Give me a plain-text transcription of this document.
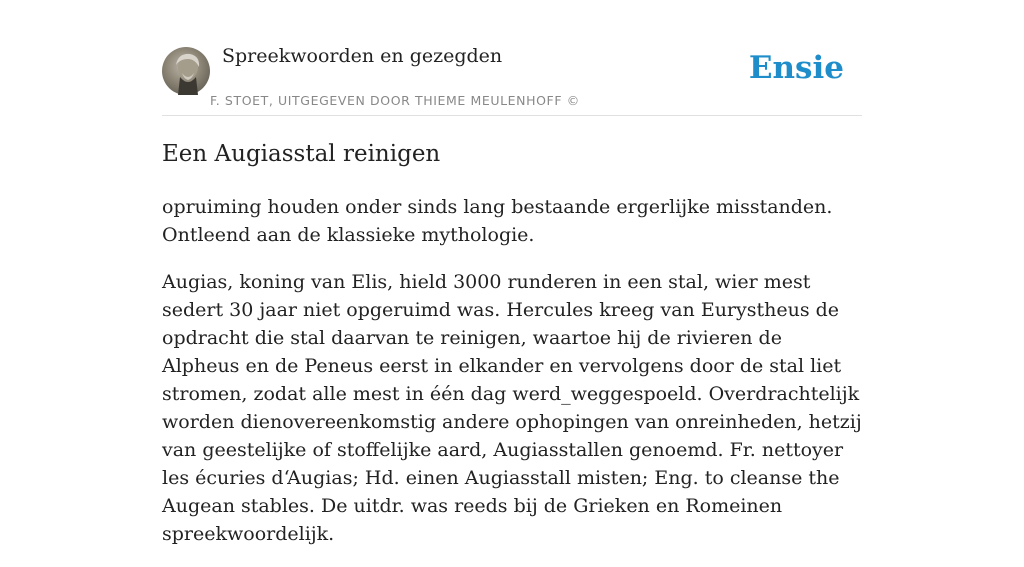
Spreekwoorden en gezegden
F. STOET, UITGEGEVEN DOOR THIEME MEULENHOFF ©
Ensie
Een Augiasstal reinigen

opruiming houden onder sinds lang bestaande ergerlijke misstanden. Ontleend aan de klassieke mythologie.

Augias, koning van Elis, hield 3000 runderen in een stal, wier mest sedert 30 jaar niet opgeruimd was. Hercules kreeg van Eurystheus de opdracht die stal daarvan te reinigen, waartoe hij de rivieren de Alpheus en de Peneus eerst in elkander en vervolgens door de stal liet stromen, zodat alle mest in één dag werd_weggespoeld. Overdrachtelijk worden dienovereenkomstig andere ophopingen van onreinheden, hetzij van geestelijke of stoffelijke aard, Augiasstallen genoemd. Fr. nettoyer les écuries d‘Augias; Hd. einen Augiasstall misten; Eng. to cleanse the Augean stables. De uitdr. was reeds bij de Grieken en Romeinen spreekwoordelijk.
